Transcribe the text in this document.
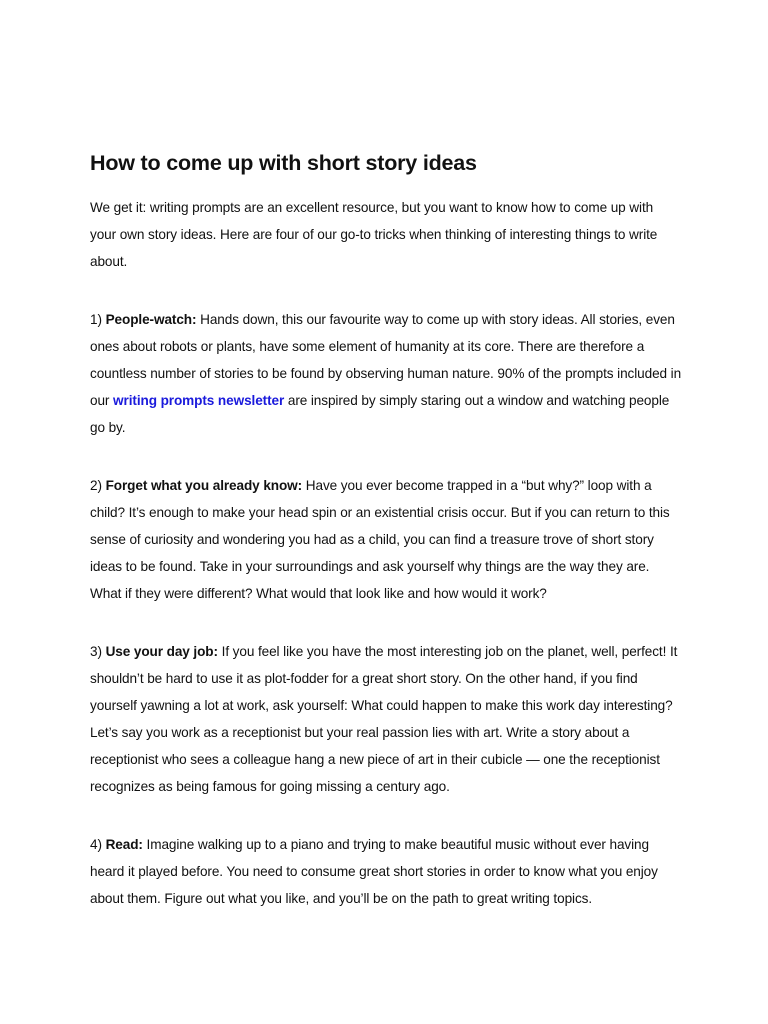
How to come up with short story ideas

We get it: writing prompts are an excellent resource, but you want to know how to come up with your own story ideas. Here are four of our go-to tricks when thinking of interesting things to write about.

1) People-watch: Hands down, this our favourite way to come up with story ideas. All stories, even ones about robots or plants, have some element of humanity at its core. There are therefore a countless number of stories to be found by observing human nature. 90% of the prompts included in our writing prompts newsletter are inspired by simply staring out a window and watching people go by.

2) Forget what you already know: Have you ever become trapped in a “but why?” loop with a child? It’s enough to make your head spin or an existential crisis occur. But if you can return to this sense of curiosity and wondering you had as a child, you can find a treasure trove of short story ideas to be found. Take in your surroundings and ask yourself why things are the way they are. What if they were different? What would that look like and how would it work?

3) Use your day job: If you feel like you have the most interesting job on the planet, well, perfect! It shouldn’t be hard to use it as plot-fodder for a great short story. On the other hand, if you find yourself yawning a lot at work, ask yourself: What could happen to make this work day interesting? Let’s say you work as a receptionist but your real passion lies with art. Write a story about a receptionist who sees a colleague hang a new piece of art in their cubicle — one the receptionist recognizes as being famous for going missing a century ago.

4) Read: Imagine walking up to a piano and trying to make beautiful music without ever having heard it played before. You need to consume great short stories in order to know what you enjoy about them. Figure out what you like, and you’ll be on the path to great writing topics.
